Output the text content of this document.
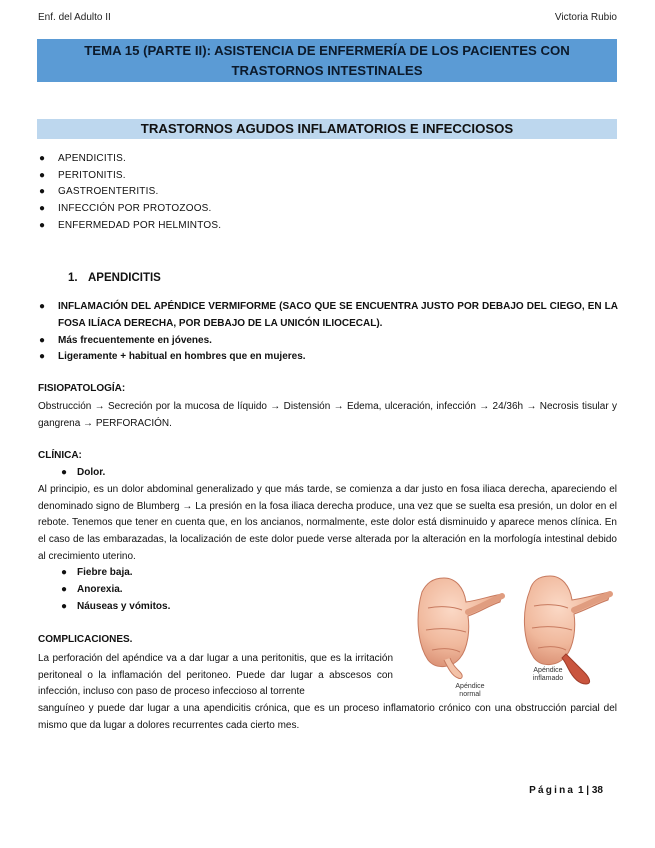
Enf. del Adulto II	Victoria Rubio
TEMA 15 (PARTE II): ASISTENCIA DE ENFERMERÍA DE LOS PACIENTES CON TRASTORNOS INTESTINALES
TRASTORNOS AGUDOS INFLAMATORIOS E INFECCIOSOS
● APENDICITIS.
● PERITONITIS.
● GASTROENTERITIS.
● INFECCIÓN POR PROTOZOOS.
● ENFERMEDAD POR HELMINTOS.
1. APENDICITIS
● INFLAMACIÓN DEL APÉNDICE VERMIFORME (SACO QUE SE ENCUENTRA JUSTO POR DEBAJO DEL CIEGO, EN LA FOSA ILÍACA DERECHA, POR DEBAJO DE LA UNICÓN ILIOCECAL).
● Más frecuentemente en jóvenes.
● Ligeramente + habitual en hombres que en mujeres.
FISIOPATOLOGÍA:

Obstrucción → Secreción por la mucosa de líquido → Distensión → Edema, ulceración, infección → 24/36h → Necrosis tisular y gangrena → PERFORACIÓN.

CLÍNICA:
● Dolor.

Al principio, es un dolor abdominal generalizado y que más tarde, se comienza a dar justo en fosa iliaca derecha, apareciendo el denominado signo de Blumberg → La presión en la fosa iliaca derecha produce, una vez que se suelta esa presión, un dolor en el rebote. Tenemos que tener en cuenta que, en los ancianos, normalmente, este dolor está disminuido y aparece menos clínica. En el caso de las embarazadas, la localización de este dolor puede verse alterada por la alteración en la morfología intestinal debido al crecimiento uterino.

● Fiebre baja.
● Anorexia.
● Náuseas y vómitos.
COMPLICACIONES.

La perforación del apéndice va a dar lugar a una peritonitis, que es la irritación peritoneal o la inflamación del peritoneo. Puede dar lugar a abscesos con infección, incluso con paso de proceso infeccioso al torrente

sanguíneo y puede dar lugar a una apendicitis crónica, que es un proceso inflamatorio crónico con una obstrucción parcial del mismo que da lugar a dolores recurrentes cada cierto mes.

Apéndice
normal
Apéndice
inflamado
Página 1 | 38
